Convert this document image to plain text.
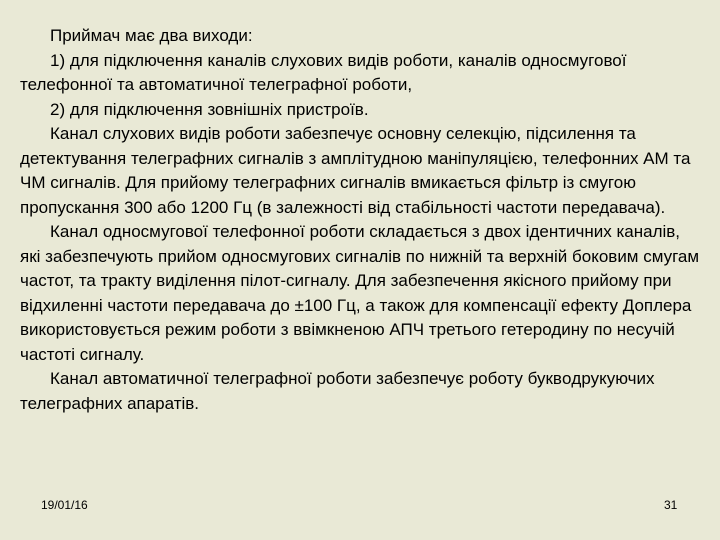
Приймач має два виходи:

1) для підключення каналів слухових видів роботи, каналів односмугової телефонної та автоматичної телеграфної роботи,

2) для підключення зовнішніх пристроїв.

Канал слухових видів роботи забезпечує основну селекцію, підсилення та детектування телеграфних сигналів з амплітудною маніпуляцією, телефонних АМ та ЧМ сигналів. Для прийому телеграфних сигналів вмикається фільтр із смугою пропускання 300 або 1200 Гц (в залежності від стабільності частоти передавача).

Канал односмугової телефонної роботи складається з двох ідентичних каналів, які забезпечують прийом односмугових сигналів по нижній та верхній боковим смугам частот, та тракту виділення пілот-сигналу. Для забезпечення якісного прийому при відхиленні частоти передавача до ±100 Гц, а також для компенсації ефекту Доплера використовується режим роботи з ввімкненою АПЧ третього гетеродину по несучій частоті сигналу.

Канал автоматичної телеграфної роботи забезпечує роботу буквoдрукуючих телеграфних апаратів.

19/01/16	31
